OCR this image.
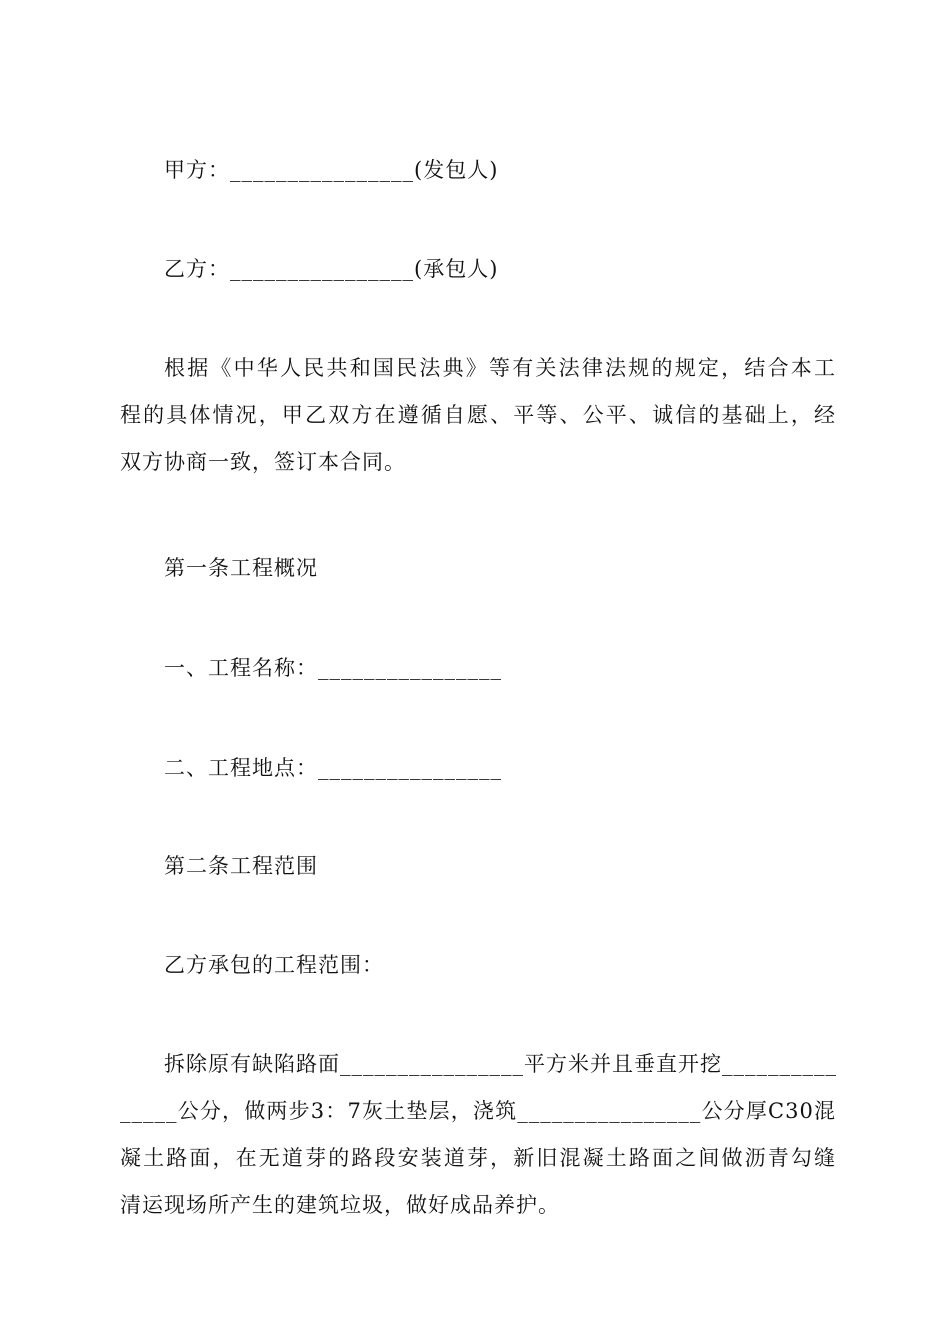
甲方：________________(发包人)
乙方：________________(承包人)
根据《中华人民共和国民法典》等有关法律法规的规定，结合本工
程的具体情况，甲乙双方在遵循自愿、平等、公平、诚信的基础上，经
双方协商一致，签订本合同。
第一条工程概况
一、工程名称：________________
二、工程地点：________________
第二条工程范围
乙方承包的工程范围：
拆除原有缺陷路面________________平方米并且垂直开挖__________
_____公分，做两步3：7灰土垫层，浇筑________________公分厚C30混
凝土路面，在无道芽的路段安装道芽，新旧混凝土路面之间做沥青勾缝
清运现场所产生的建筑垃圾，做好成品养护。
